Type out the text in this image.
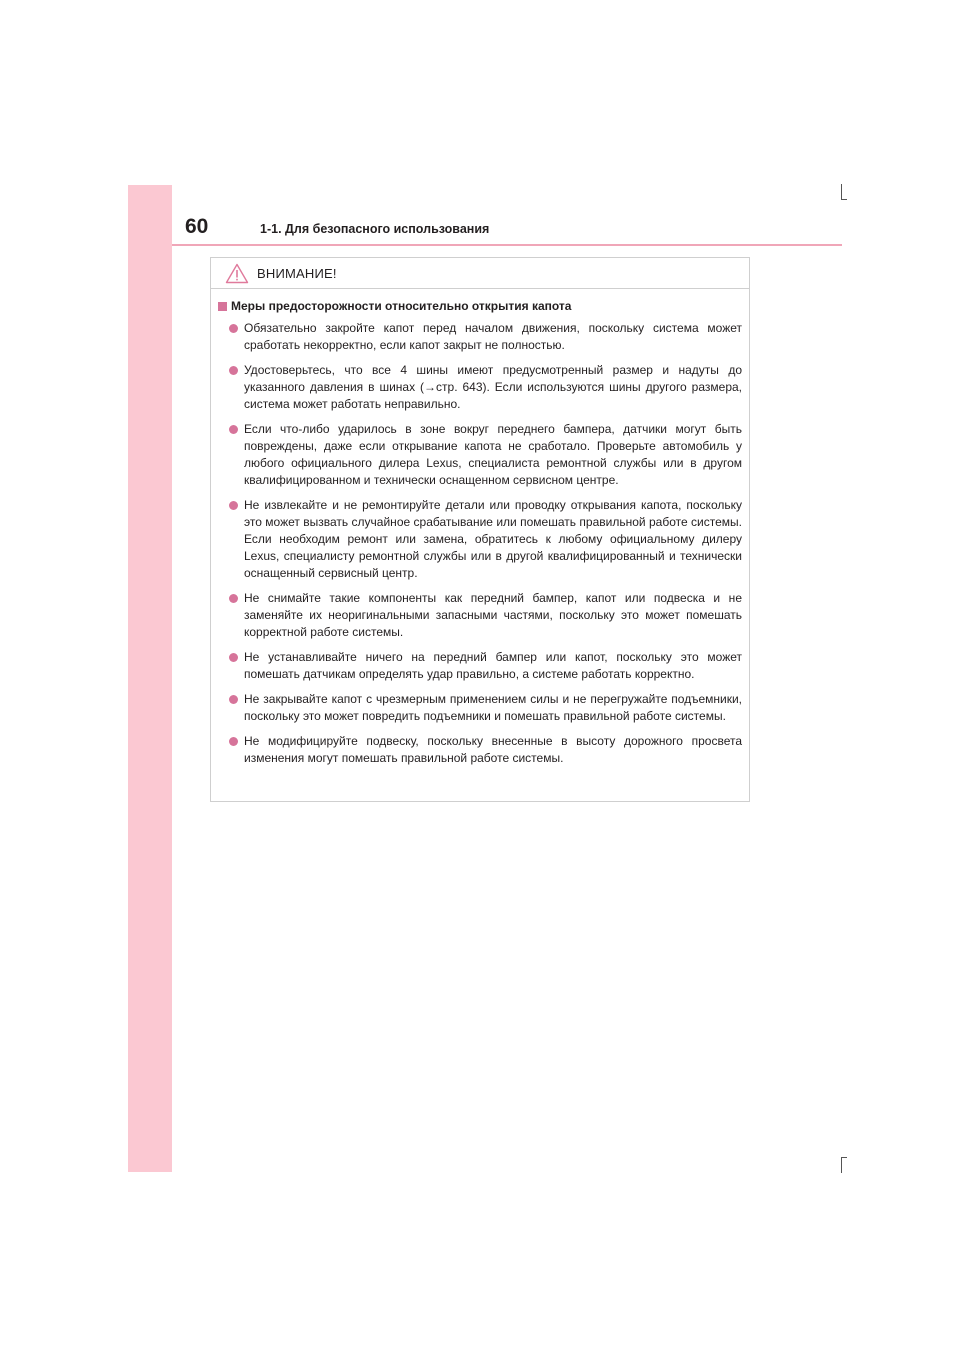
60	1-1. Для безопасного использования
ВНИМАНИЕ!
Меры предосторожности относительно открытия капота
Обязательно закройте капот перед началом движения, поскольку система может сработать некорректно, если капот закрыт не полностью.
Удостоверьтесь, что все 4 шины имеют предусмотренный размер и надуты до указанного давления в шинах (→стр. 643). Если используются шины другого размера, система может работать неправильно.
Если что-либо ударилось в зоне вокруг переднего бампера, датчики могут быть повреждены, даже если открывание капота не сработало. Проверьте автомобиль у любого официального дилера Lexus, специалиста ремонтной службы или в другом квалифицированном и технически оснащенном сервисном центре.
Не извлекайте и не ремонтируйте детали или проводку открывания капота, поскольку это может вызвать случайное срабатывание или помешать правильной работе системы. Если необходим ремонт или замена, обратитесь к любому официальному дилеру Lexus, специалисту ремонтной службы или в другой квалифицированный и технически оснащенный сервисный центр.
Не снимайте такие компоненты как передний бампер, капот или подвеска и не заменяйте их неоригинальными запасными частями, поскольку это может помешать корректной работе системы.
Не устанавливайте ничего на передний бампер или капот, поскольку это может помешать датчикам определять удар правильно, а системе работать корректно.
Не закрывайте капот с чрезмерным применением силы и не перегружайте подъемники, поскольку это может повредить подъемники и помешать правильной работе системы.
Не модифицируйте подвеску, поскольку внесенные в высоту дорожного просвета изменения могут помешать правильной работе системы.
